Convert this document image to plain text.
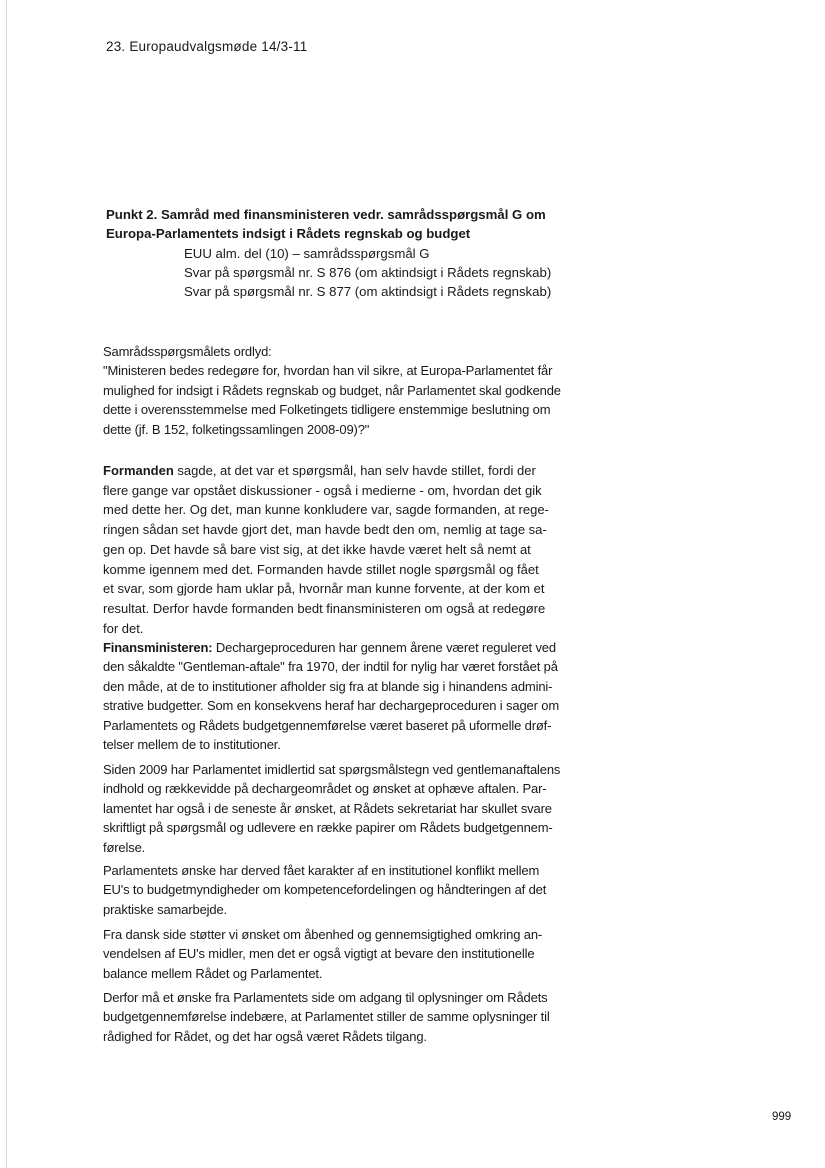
23. Europaudvalgsmøde 14/3-11
Punkt 2. Samråd med finansministeren vedr. samrådsspørgsmål G om
Europa-Parlamentets indsigt i Rådets regnskab og budget
EUU alm. del (10) – samrådsspørgsmål G
Svar på spørgsmål nr. S 876 (om aktindsigt i Rådets regnskab)
Svar på spørgsmål nr. S 877 (om aktindsigt i Rådets regnskab)
Samrådsspørgsmålets ordlyd:
"Ministeren bedes redegøre for, hvordan han vil sikre, at Europa-Parlamentet får
mulighed for indsigt i Rådets regnskab og budget, når Parlamentet skal godkende
dette i overensstemmelse med Folketingets tidligere enstemmige beslutning om
dette (jf. B 152, folketingssamlingen 2008-09)?"
Formanden sagde, at det var et spørgsmål, han selv havde stillet, fordi der
flere gange var opstået diskussioner - også i medierne - om, hvordan det gik
med dette her. Og det, man kunne konkludere var, sagde formanden, at rege-
ringen sådan set havde gjort det, man havde bedt den om, nemlig at tage sa-
gen op. Det havde så bare vist sig, at det ikke havde været helt så nemt at
komme igennem med det. Formanden havde stillet nogle spørgsmål og fået
et svar, som gjorde ham uklar på, hvornår man kunne forvente, at der kom et
resultat. Derfor havde formanden bedt finansministeren om også at redegøre
for det.
Finansministeren: Dechargeproceduren har gennem årene været reguleret ved
den såkaldte "Gentleman-aftale" fra 1970, der indtil for nylig har været forstået på
den måde, at de to institutioner afholder sig fra at blande sig i hinandens admini-
strative budgetter. Som en konsekvens heraf har dechargeproceduren i sager om
Parlamentets og Rådets budgetgennemførelse været baseret på uformelle drøf-
telser mellem de to institutioner.
Siden 2009 har Parlamentet imidlertid sat spørgsmålstegn ved gentlemanaftalens
indhold og rækkevidde på dechargeområdet og ønsket at ophæve aftalen. Par-
lamentet har også i de seneste år ønsket, at Rådets sekretariat har skullet svare
skriftligt på spørgsmål og udlevere en række papirer om Rådets budgetgennem-
førelse.
Parlamentets ønske har derved fået karakter af en institutionel konflikt mellem
EU's to budgetmyndigheder om kompetencefordelingen og håndteringen af det
praktiske samarbejde.
Fra dansk side støtter vi ønsket om åbenhed og gennemsigtighed omkring an-
vendelsen af EU's midler, men det er også vigtigt at bevare den institutionelle
balance mellem Rådet og Parlamentet.
Derfor må et ønske fra Parlamentets side om adgang til oplysninger om Rådets
budgetgennemførelse indebære, at Parlamentet stiller de samme oplysninger til
rådighed for Rådet, og det har også været Rådets tilgang.
999
